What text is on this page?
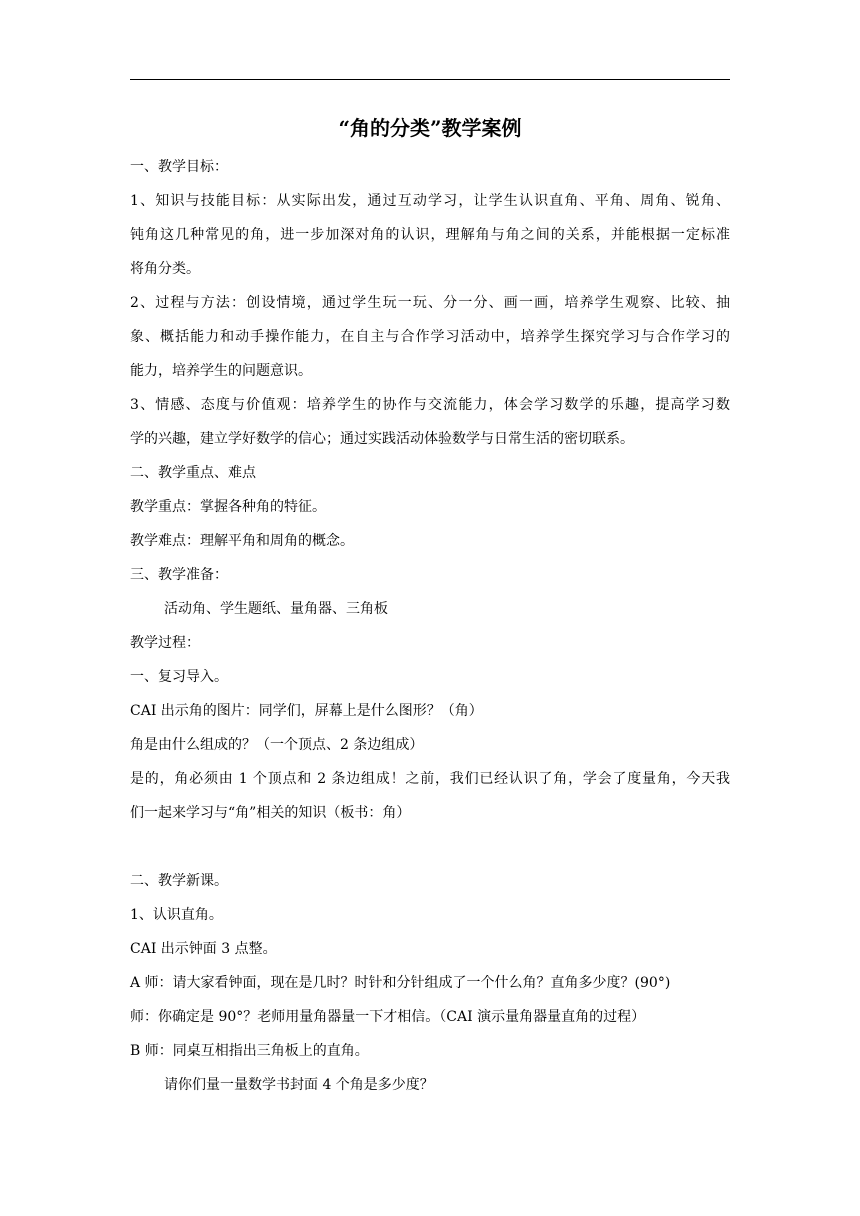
“角的分类”教学案例
一、教学目标：
1、知识与技能目标：从实际出发，通过互动学习，让学生认识直角、平角、周角、锐角、
钝角这几种常见的角，进一步加深对角的认识，理解角与角之间的关系，并能根据一定标准
将角分类。
2、过程与方法：创设情境，通过学生玩一玩、分一分、画一画，培养学生观察、比较、抽
象、概括能力和动手操作能力，在自主与合作学习活动中，培养学生探究学习与合作学习的
能力，培养学生的问题意识。
3、情感、态度与价值观：培养学生的协作与交流能力，体会学习数学的乐趣，提高学习数
学的兴趣，建立学好数学的信心；通过实践活动体验数学与日常生活的密切联系。
二、教学重点、难点
教学重点：掌握各种角的特征。
教学难点：理解平角和周角的概念。
三、教学准备：
活动角、学生题纸、量角器、三角板
教学过程：
一、复习导入。
CAI 出示角的图片：同学们，屏幕上是什么图形？（角）
角是由什么组成的？（一个顶点、2 条边组成）
是的，角必须由 1 个顶点和 2 条边组成！之前，我们已经认识了角，学会了度量角，今天我
们一起来学习与“角”相关的知识（板书：角）
二、教学新课。
1、认识直角。
CAI 出示钟面 3 点整。
A 师：请大家看钟面，现在是几时？时针和分针组成了一个什么角？直角多少度？(90°)
师：你确定是 90°？老师用量角器量一下才相信。（CAI 演示量角器量直角的过程）
B 师：同桌互相指出三角板上的直角。
请你们量一量数学书封面 4 个角是多少度？
